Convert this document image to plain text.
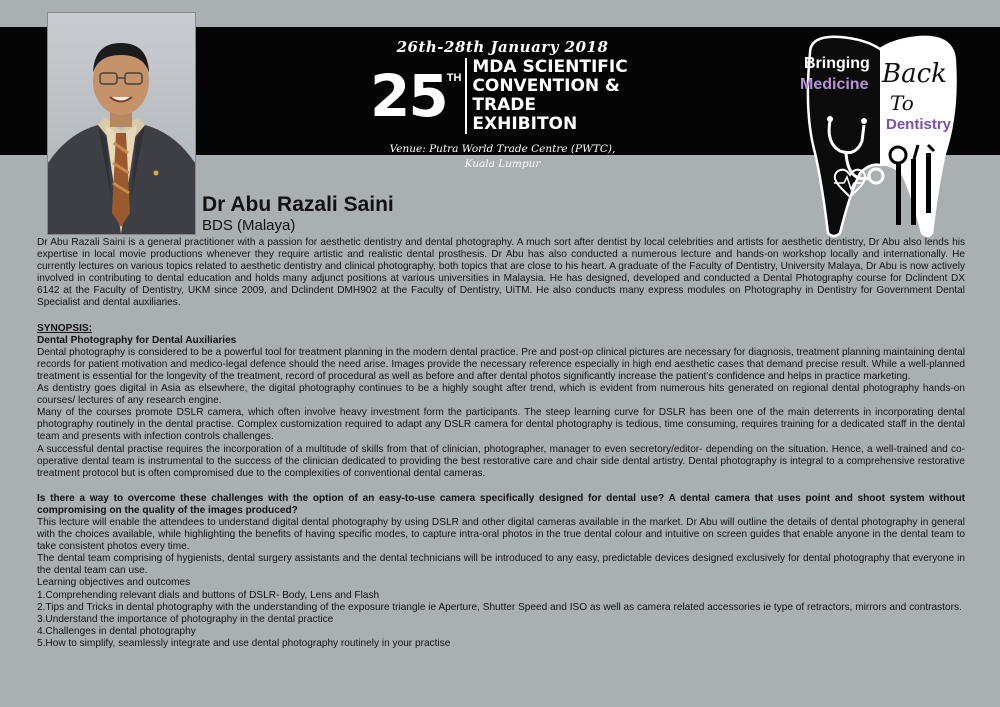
26th-28th January 2018
25 TH
MDA SCIENTIFIC
CONVENTION &
TRADE EXHIBITON
Venue: Putra World Trade Centre (PWTC),
Kuala Lumpur
Bringing
Medicine Back
To
Dentistry
Dr Abu Razali Saini
BDS (Malaya)

Dr Abu Razali Saini is a general practitioner with a passion for aesthetic dentistry and dental photography. A much sort after dentist by local celebrities and artists for aesthetic dentistry, Dr Abu also lends his expertise in local movie productions whenever they require artistic and realistic dental prosthesis. Dr Abu has also conducted a numerous lecture and hands-on workshop locally and internationally. He currently lectures on various topics related to aesthetic dentistry and clinical photography, both topics that are close to his heart. A graduate of the Faculty of Dentistry, University Malaya, Dr Abu is now actively involved in contributing to dental education and holds many adjunct positions at various universities in Malaysia. He has designed, developed and conducted a Dental Photography course for Dclindent DX 6142 at the Faculty of Dentistry, UKM since 2009, and Dclindent DMH902 at the Faculty of Dentistry, UiTM. He also conducts many express modules on Photography in Dentistry for Government Dental Specialist and dental auxiliaries.

SYNOPSIS:

Dental Photography for Dental Auxiliaries

Dental photography is considered to be a powerful tool for treatment planning in the modern dental practice. Pre and post-op clinical pictures are necessary for diagnosis, treatment planning maintaining dental records for patient motivation and medico-legal defence should the need arise. Images provide the necessary reference especially in high end aesthetic cases that demand precise result. While a well-planned treatment is essential for the longevity of the treatment, record of procedural as well as before and after dental photos significantly increase the patient’s confidence and helps in practice marketing.

As dentistry goes digital in Asia as elsewhere, the digital photography continues to be a highly sought after trend, which is evident from numerous hits generated on regional dental photography hands-on courses/ lectures of any research engine.

Many of the courses promote DSLR camera, which often involve heavy investment form the participants. The steep learning curve for DSLR has been one of the main deterrents in incorporating dental photography routinely in the dental practise. Complex customization required to adapt any DSLR camera for dental photography is tedious, time consuming, requires training for a dedicated staff in the dental team and presents with infection controls challenges.

A successful dental practise requires the incorporation of a multitude of skills from that of clinician, photographer, manager to even secretory/editor- depending on the situation. Hence, a well-trained and co-operative dental team is instrumental to the success of the clinician dedicated to providing the best restorative care and chair side dental artistry. Dental photography is integral to a comprehensive restorative treatment protocol but is often compromised due to the complexities of conventional dental cameras.

Is there a way to overcome these challenges with the option of an easy-to-use camera specifically designed for dental use? A dental camera that uses point and shoot system without compromising on the quality of the images produced?

This lecture will enable the attendees to understand digital dental photography by using DSLR and other digital cameras available in the market. Dr Abu will outline the details of dental photography in general with the choices available, while highlighting the benefits of having specific modes, to capture intra-oral photos in the true dental colour and intuitive on screen guides that enable anyone in the dental team to take consistent photos every time.

The dental team comprising of hygienists, dental surgery assistants and the dental technicians will be introduced to any easy, predictable devices designed exclusively for dental photography that everyone in the dental team can use.

Learning objectives and outcomes

1.Comprehending relevant dials and buttons of DSLR- Body, Lens and Flash

2.Tips and Tricks in dental photography with the understanding of the exposure triangle ie Aperture, Shutter Speed and ISO as well as camera related accessories ie type of retractors, mirrors and contrastors.

3.Understand the importance of photography in the dental practice

4.Challenges in dental photography

5.How to simplify, seamlessly integrate and use dental photography routinely in your practise
